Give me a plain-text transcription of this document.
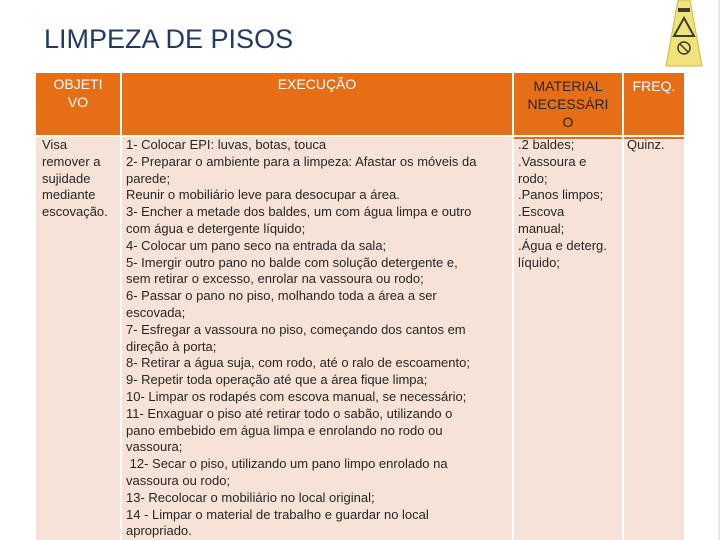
LIMPEZA DE PISOS
OBJETI
VO
EXECUÇÃO	MATERIAL
NECESSÁRI
O
FREQ.
Visa
remover a
sujidade
mediante
escovação.
1- Colocar EPI: luvas, botas, touca
2- Preparar o ambiente para a limpeza: Afastar os móveis da
parede;
Reunir o mobiliário leve para desocupar a área.
3- Encher a metade dos baldes, um com água limpa e outro
com água e detergente líquido;
4- Colocar um pano seco na entrada da sala;
5- Imergir outro pano no balde com solução detergente e,
sem retirar o excesso, enrolar na vassoura ou rodo;
6- Passar o pano no piso, molhando toda a área a ser
escovada;
7- Esfregar a vassoura no piso, começando dos cantos em
direção à porta;
8- Retirar a água suja, com rodo, até o ralo de escoamento;
9- Repetir toda operação até que a área fique limpa;
10- Limpar os rodapés com escova manual, se necessário;
11- Enxaguar o piso até retirar todo o sabão, utilizando o
pano embebido em água limpa e enrolando no rodo ou
vassoura;
12- Secar o piso, utilizando um pano limpo enrolado na
vassoura ou rodo;
13- Recolocar o mobiliário no local original;
14 - Limpar o material de trabalho e guardar no local
apropriado.
.2 baldes;
.Vassoura e
rodo;
.Panos limpos;
.Escova
manual;
.Água e deterg.
líquido;
Quinz.
